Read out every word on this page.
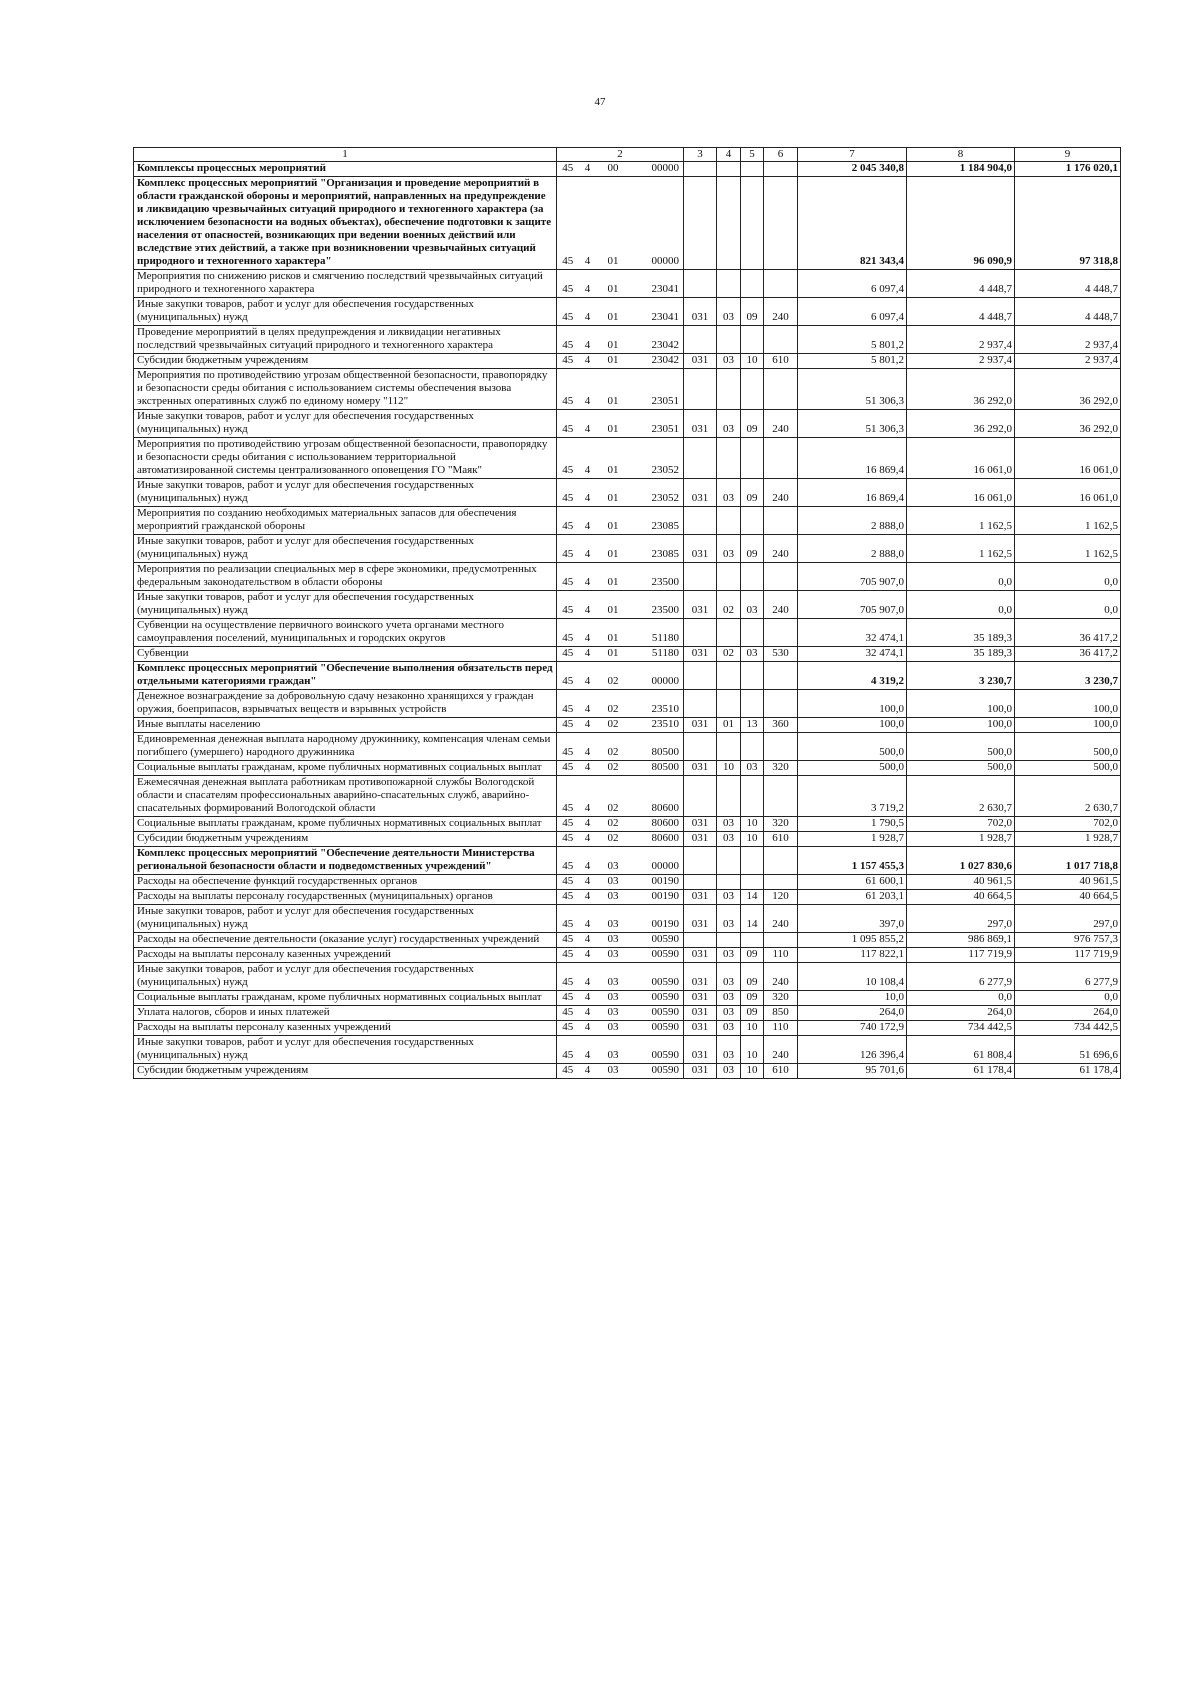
47
1	2				3	4	5	6	7	8	9
Комплексы процессных мероприятий	45	4	00	00000					2 045 340,8	1 184 904,0	1 176 020,1
Комплекс процессных мероприятий "Организация и проведение мероприятий в области гражданской обороны и мероприятий, направленных на предупреждение и ликвидацию чрезвычайных ситуаций природного и техногенного характера (за исключением безопасности на водных объектах), обеспечение подготовки к защите населения от опасностей, возникающих при ведении военных действий или вследствие этих действий, а также при возникновении чрезвычайных ситуаций природного и техногенного характера"	45	4	01	00000					821 343,4	96 090,9	97 318,8
Мероприятия по снижению рисков и смягчению последствий чрезвычайных ситуаций природного и техногенного характера	45	4	01	23041					6 097,4	4 448,7	4 448,7
Иные закупки товаров, работ и услуг для обеспечения государственных (муниципальных) нужд	45	4	01	23041	031	03	09	240	6 097,4	4 448,7	4 448,7
Проведение мероприятий в целях предупреждения и ликвидации негативных последствий чрезвычайных ситуаций природного и техногенного характера	45	4	01	23042					5 801,2	2 937,4	2 937,4
Субсидии бюджетным учреждениям	45	4	01	23042	031	03	10	610	5 801,2	2 937,4	2 937,4
Мероприятия по противодействию угрозам общественной безопасности, правопорядку и безопасности среды обитания с использованием системы обеспечения вызова экстренных оперативных служб по единому номеру "112"	45	4	01	23051					51 306,3	36 292,0	36 292,0
Иные закупки товаров, работ и услуг для обеспечения государственных (муниципальных) нужд	45	4	01	23051	031	03	09	240	51 306,3	36 292,0	36 292,0
Мероприятия по противодействию угрозам общественной безопасности, правопорядку и безопасности среды обитания с использованием территориальной автоматизированной системы централизованного оповещения ГО "Маяк"	45	4	01	23052					16 869,4	16 061,0	16 061,0
Иные закупки товаров, работ и услуг для обеспечения государственных (муниципальных) нужд	45	4	01	23052	031	03	09	240	16 869,4	16 061,0	16 061,0
Мероприятия по созданию необходимых материальных запасов для обеспечения мероприятий гражданской обороны	45	4	01	23085					2 888,0	1 162,5	1 162,5
Иные закупки товаров, работ и услуг для обеспечения государственных (муниципальных) нужд	45	4	01	23085	031	03	09	240	2 888,0	1 162,5	1 162,5
Мероприятия по реализации специальных мер в сфере экономики, предусмотренных федеральным законодательством в области обороны	45	4	01	23500					705 907,0	0,0	0,0
Иные закупки товаров, работ и услуг для обеспечения государственных (муниципальных) нужд	45	4	01	23500	031	02	03	240	705 907,0	0,0	0,0
Субвенции на осуществление первичного воинского учета органами местного самоуправления поселений, муниципальных и городских округов	45	4	01	51180					32 474,1	35 189,3	36 417,2
Субвенции	45	4	01	51180	031	02	03	530	32 474,1	35 189,3	36 417,2
Комплекс процессных мероприятий "Обеспечение выполнения обязательств перед отдельными категориями граждан"	45	4	02	00000					4 319,2	3 230,7	3 230,7
Денежное вознаграждение за добровольную сдачу незаконно хранящихся у граждан оружия, боеприпасов, взрывчатых веществ и взрывных устройств	45	4	02	23510					100,0	100,0	100,0
Иные выплаты населению	45	4	02	23510	031	01	13	360	100,0	100,0	100,0
Единовременная денежная выплата народному дружиннику, компенсация членам семьи погибшего (умершего) народного дружинника	45	4	02	80500					500,0	500,0	500,0
Социальные выплаты гражданам, кроме публичных нормативных социальных выплат	45	4	02	80500	031	10	03	320	500,0	500,0	500,0
Ежемесячная денежная выплата работникам противопожарной службы Вологодской области и спасателям профессиональных аварийно-спасательных служб, аварийно-спасательных формирований Вологодской области	45	4	02	80600					3 719,2	2 630,7	2 630,7
Социальные выплаты гражданам, кроме публичных нормативных социальных выплат	45	4	02	80600	031	03	10	320	1 790,5	702,0	702,0
Субсидии бюджетным учреждениям	45	4	02	80600	031	03	10	610	1 928,7	1 928,7	1 928,7
Комплекс процессных мероприятий "Обеспечение деятельности Министерства региональной безопасности области и подведомственных учреждений"	45	4	03	00000					1 157 455,3	1 027 830,6	1 017 718,8
Расходы на обеспечение функций государственных органов	45	4	03	00190					61 600,1	40 961,5	40 961,5
Расходы на выплаты персоналу государственных (муниципальных) органов	45	4	03	00190	031	03	14	120	61 203,1	40 664,5	40 664,5
Иные закупки товаров, работ и услуг для обеспечения государственных (муниципальных) нужд	45	4	03	00190	031	03	14	240	397,0	297,0	297,0
Расходы на обеспечение деятельности (оказание услуг) государственных учреждений	45	4	03	00590					1 095 855,2	986 869,1	976 757,3
Расходы на выплаты персоналу казенных учреждений	45	4	03	00590	031	03	09	110	117 822,1	117 719,9	117 719,9
Иные закупки товаров, работ и услуг для обеспечения государственных (муниципальных) нужд	45	4	03	00590	031	03	09	240	10 108,4	6 277,9	6 277,9
Социальные выплаты гражданам, кроме публичных нормативных социальных выплат	45	4	03	00590	031	03	09	320	10,0	0,0	0,0
Уплата налогов, сборов и иных платежей	45	4	03	00590	031	03	09	850	264,0	264,0	264,0
Расходы на выплаты персоналу казенных учреждений	45	4	03	00590	031	03	10	110	740 172,9	734 442,5	734 442,5
Иные закупки товаров, работ и услуг для обеспечения государственных (муниципальных) нужд	45	4	03	00590	031	03	10	240	126 396,4	61 808,4	51 696,6
Субсидии бюджетным учреждениям	45	4	03	00590	031	03	10	610	95 701,6	61 178,4	61 178,4
